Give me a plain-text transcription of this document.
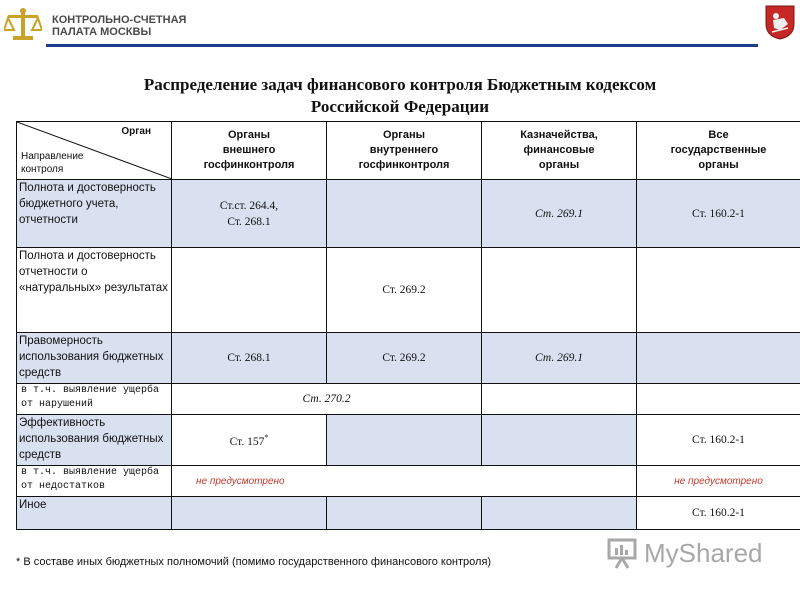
КОНТРОЛЬНО-СЧЕТНАЯ
ПАЛАТА МОСКВЫ
Распределение задач финансового контроля Бюджетным кодексом
Российской Федерации
Орган
Направление
контроля	Органы
внешнего
госфинконтроля	Органы
внутреннего
госфинконтроля	Казначейства,
финансовые
органы	Все
государственные
органы
Полнота и достоверность бюджетного учета, отчетности	Ст.ст. 264.4,
Ст. 268.1		Ст. 269.1	Ст. 160.2-1
Полнота и достоверность отчетности о «натуральных» результатах		Ст. 269.2		
Правомерность использования бюджетных средств	Ст. 268.1	Ст. 269.2	Ст. 269.1	
в т.ч. выявление ущерба от нарушений	Ст. 270.2			
Эффективность использования бюджетных средств	Ст. 157*			Ст. 160.2-1
в т.ч. выявление ущерба от недостатков	не предусмотрено			не предусмотрено
Иное				Ст. 160.2-1
* В составе иных бюджетных полномочий (помимо государственного финансового контроля)	MyShared
